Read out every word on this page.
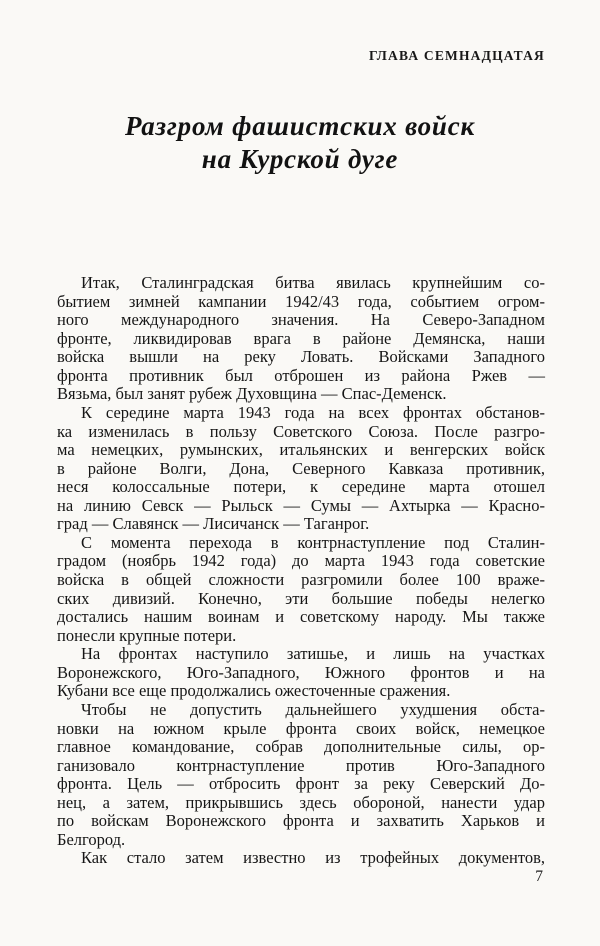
ГЛАВА СЕМНАДЦАТАЯ
Разгром фашистских войск
на Курской дуге
Итак, Сталинградская битва явилась крупнейшим со-
бытием зимней кампании 1942/43 года, событием огром-
ного международного значения. На Северо-Западном
фронте, ликвидировав врага в районе Демянска, наши
войска вышли на реку Ловать. Войсками Западного
фронта противник был отброшен из района Ржев —
Вязьма, был занят рубеж Духовщина — Спас-Деменск.
К середине марта 1943 года на всех фронтах обстанов-
ка изменилась в пользу Советского Союза. После разгро-
ма немецких, румынских, итальянских и венгерских войск
в районе Волги, Дона, Северного Кавказа противник,
неся колоссальные потери, к середине марта отошел
на линию Севск — Рыльск — Сумы — Ахтырка — Красно-
град — Славянск — Лисичанск — Таганрог.
С момента перехода в контрнаступление под Сталин-
градом (ноябрь 1942 года) до марта 1943 года советские
войска в общей сложности разгромили более 100 враже-
ских дивизий. Конечно, эти большие победы нелегко
достались нашим воинам и советскому народу. Мы также
понесли крупные потери.
На фронтах наступило затишье, и лишь на участках
Воронежского, Юго-Западного, Южного фронтов и на
Кубани все еще продолжались ожесточенные сражения.
Чтобы не допустить дальнейшего ухудшения обста-
новки на южном крыле фронта своих войск, немецкое
главное командование, собрав дополнительные силы, ор-
ганизовало контрнаступление против Юго-Западного
фронта. Цель — отбросить фронт за реку Северский До-
нец, а затем, прикрывшись здесь обороной, нанести удар
по войскам Воронежского фронта и захватить Харьков и
Белгород.
Как стало затем известно из трофейных документов,
7
